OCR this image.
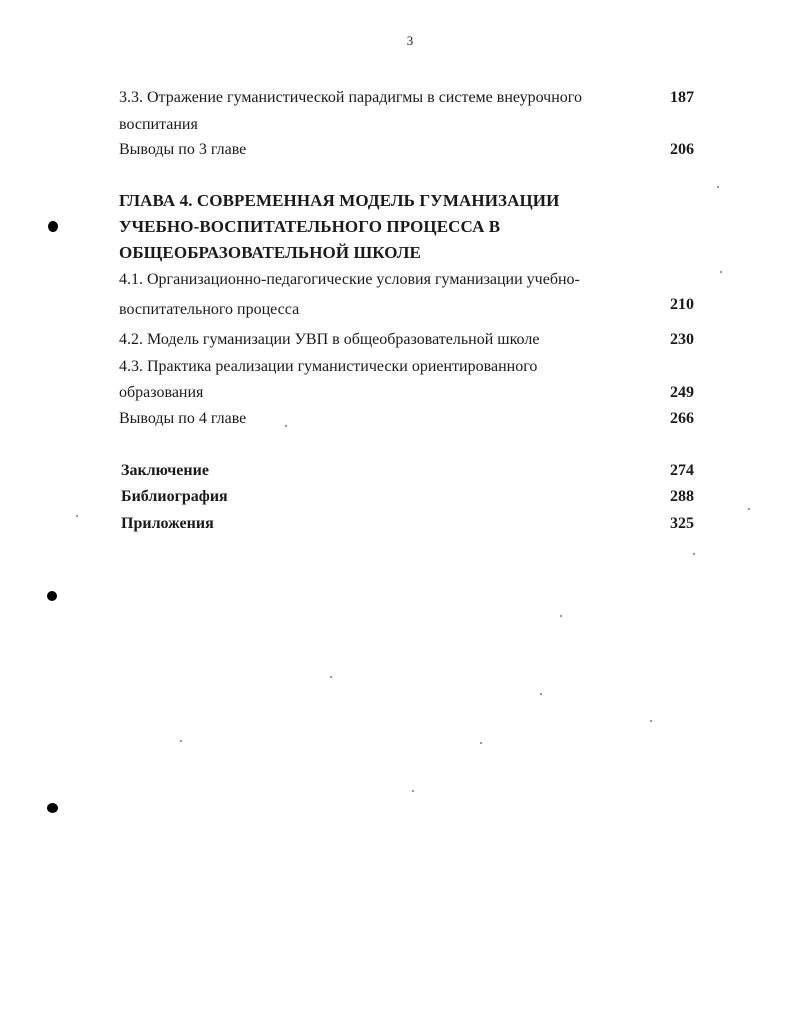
3
3.3. Отражение гуманистической парадигмы в системе внеурочного	187
воспитания
Выводы по 3 главе	206
ГЛАВА 4. СОВРЕМЕННАЯ МОДЕЛЬ ГУМАНИЗАЦИИ
УЧЕБНО-ВОСПИТАТЕЛЬНОГО ПРОЦЕССА В
ОБЩЕОБРАЗОВАТЕЛЬНОЙ ШКОЛЕ
4.1. Организационно-педагогические условия гуманизации учебно-
воспитательного процесса	210
4.2. Модель гуманизации УВП в общеобразовательной школе	230
4.3. Практика реализации гуманистически ориентированного
образования	249
Выводы по 4 главе	266
Заключение	274
Библиография	288
Приложения	325
